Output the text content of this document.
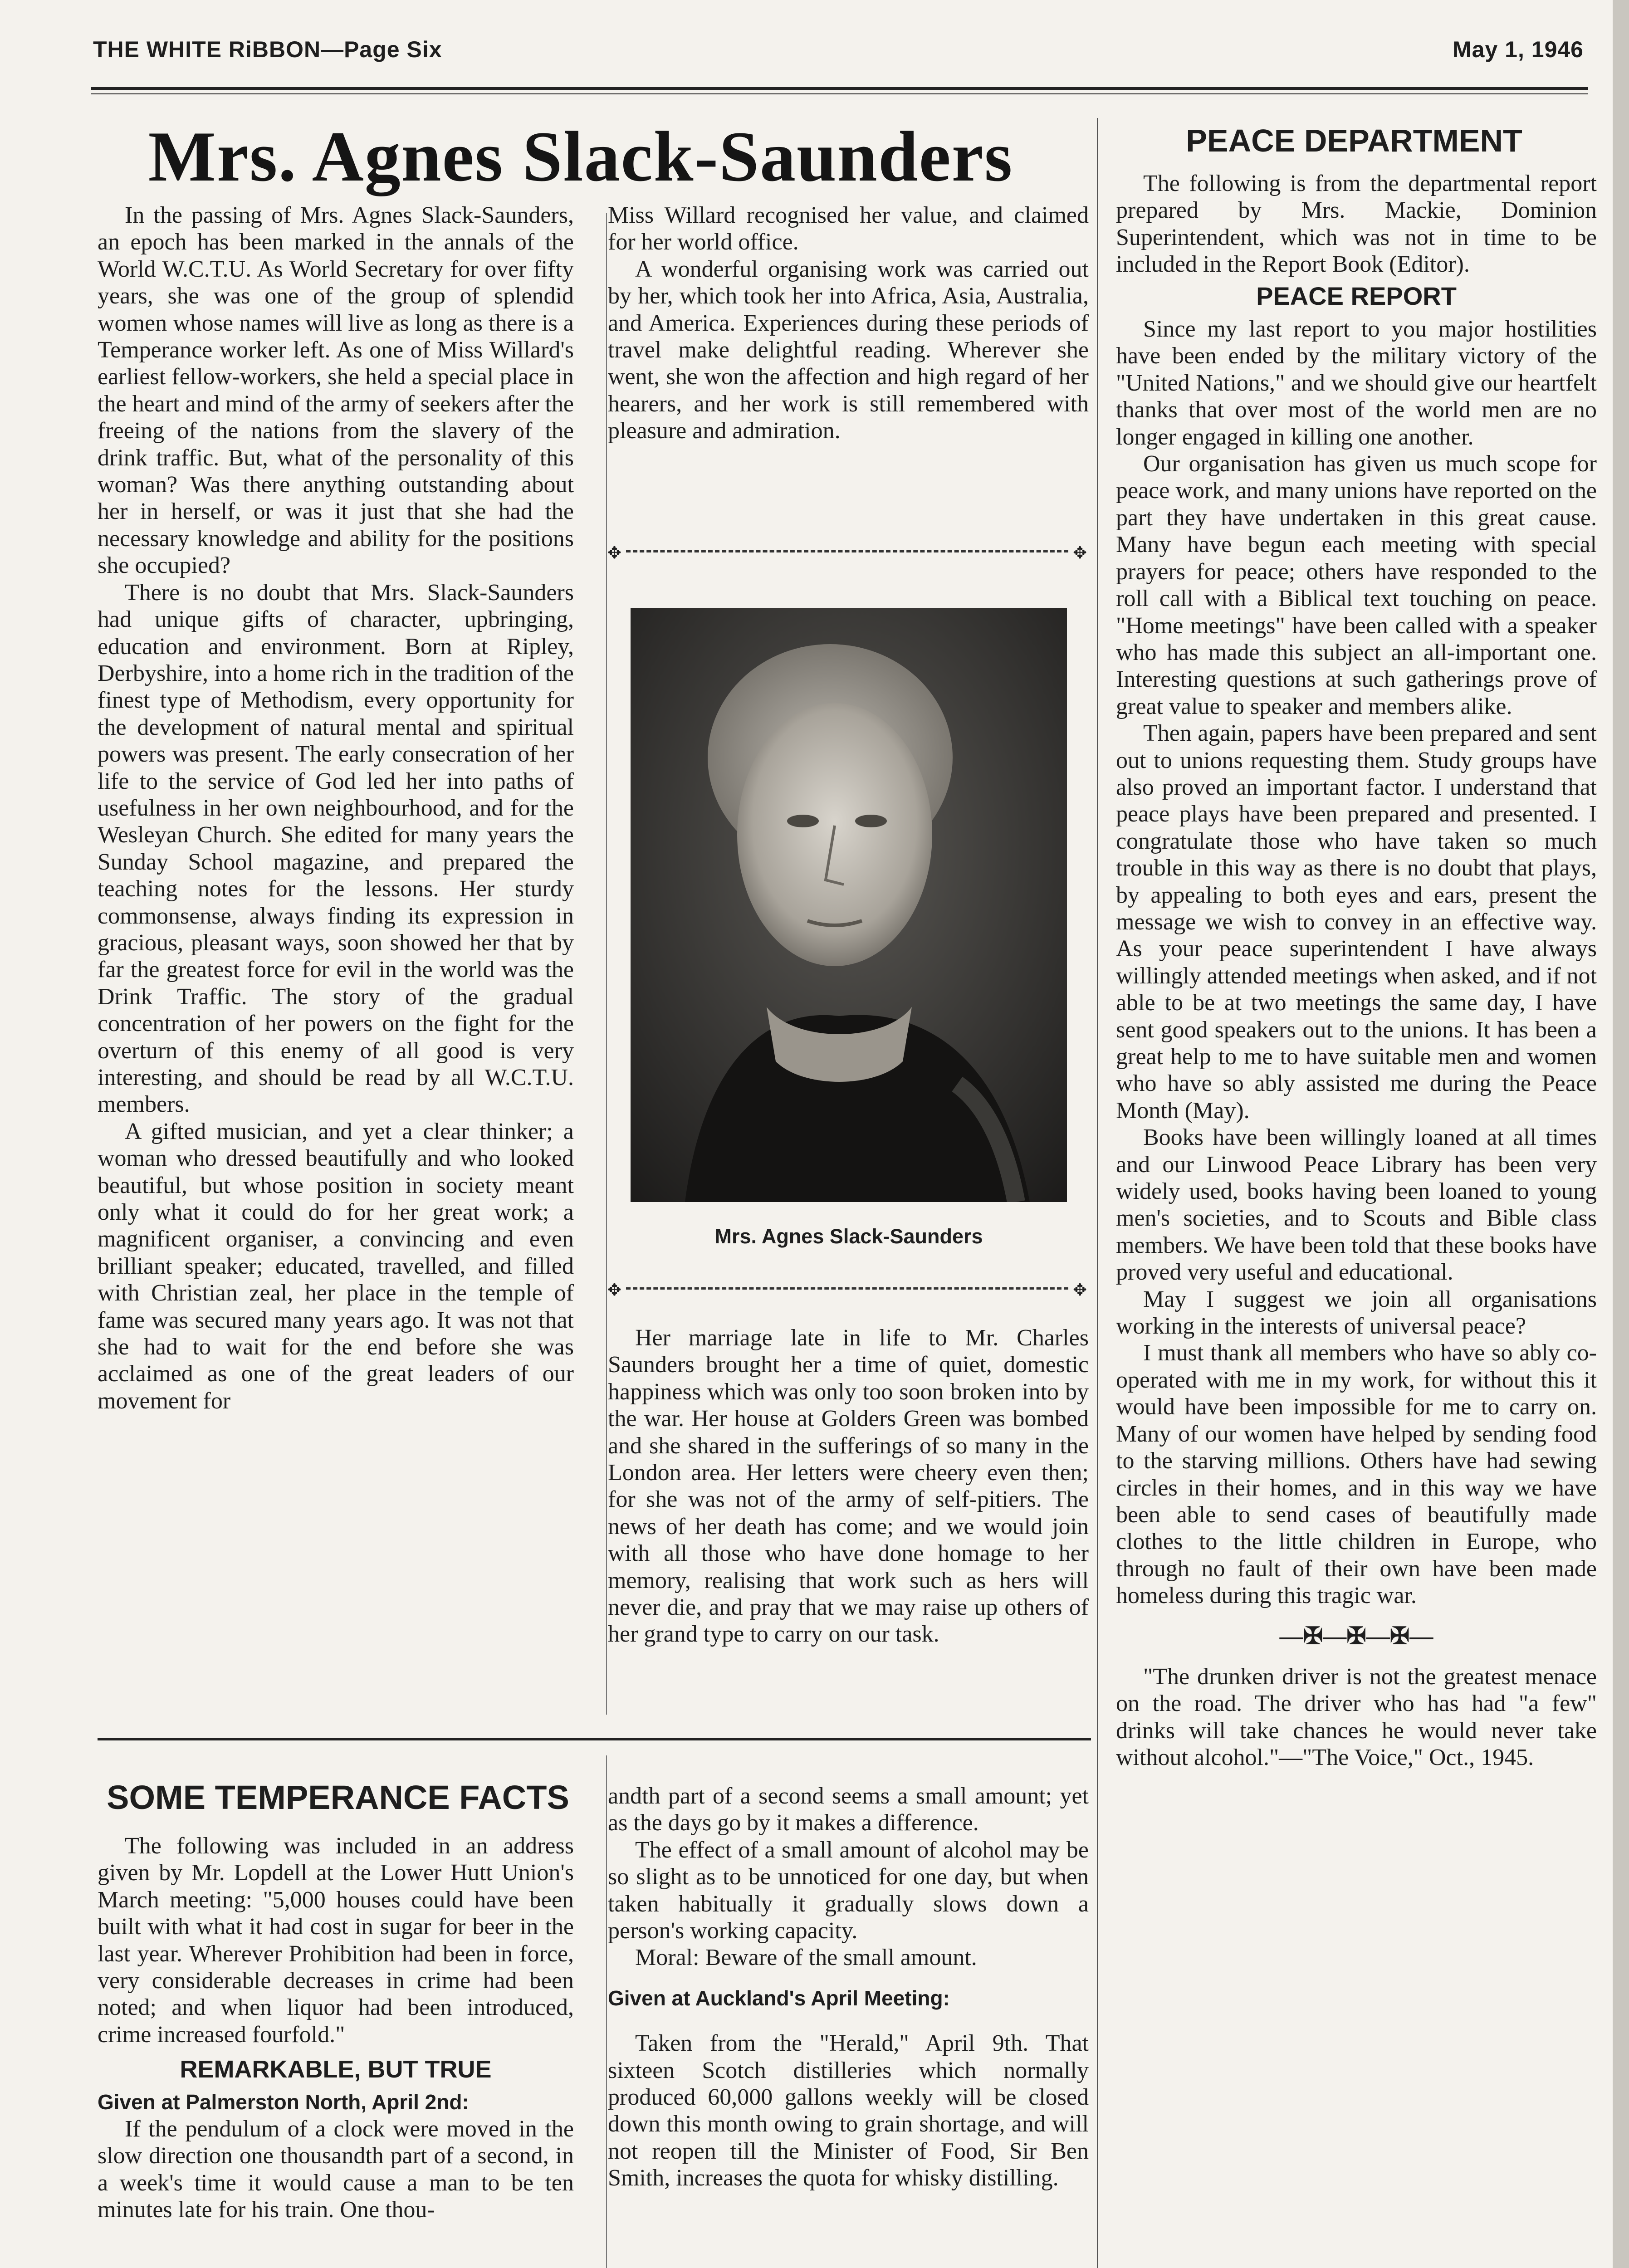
THE WHITE RiBBON—Page Six	May 1, 1946
Mrs. Agnes Slack-Saunders

In the passing of Mrs. Agnes Slack-Saunders, an epoch has been marked in the annals of the World W.C.T.U. As World Secretary for over fifty years, she was one of the group of splendid women whose names will live as long as there is a Temperance worker left. As one of Miss Willard's earliest fellow-workers, she held a special place in the heart and mind of the army of seekers after the freeing of the nations from the slavery of the drink traffic. But, what of the personality of this woman? Was there anything outstanding about her in herself, or was it just that she had the necessary knowledge and ability for the positions she occupied?

There is no doubt that Mrs. Slack-Saunders had unique gifts of character, upbringing, education and environment. Born at Ripley, Derbyshire, into a home rich in the tradition of the finest type of Methodism, every opportunity for the development of natural mental and spiritual powers was present. The early consecration of her life to the service of God led her into paths of usefulness in her own neighbourhood, and for the Wesleyan Church. She edited for many years the Sunday School magazine, and prepared the teaching notes for the lessons. Her sturdy commonsense, always finding its expression in gracious, pleasant ways, soon showed her that by far the greatest force for evil in the world was the Drink Traffic. The story of the gradual concentration of her powers on the fight for the overturn of this enemy of all good is very interesting, and should be read by all W.C.T.U. members.

A gifted musician, and yet a clear thinker; a woman who dressed beautifully and who looked beautiful, but whose position in society meant only what it could do for her great work; a magnificent organiser, a convincing and even brilliant speaker; educated, travelled, and filled with Christian zeal, her place in the temple of fame was secured many years ago. It was not that she had to wait for the end before she was acclaimed as one of the great leaders of our movement for

Miss Willard recognised her value, and claimed for her world office.

A wonderful organising work was carried out by her, which took her into Africa, Asia, Australia, and America. Experiences during these periods of travel make delightful reading. Wherever she went, she won the affection and high regard of her hearers, and her work is still remembered with pleasure and admiration.

✥	✥
Mrs. Agnes Slack-Saunders
✥	✥

Her marriage late in life to Mr. Charles Saunders brought her a time of quiet, domestic happiness which was only too soon broken into by the war. Her house at Golders Green was bombed and she shared in the sufferings of so many in the London area. Her letters were cheery even then; for she was not of the army of self-pitiers. The news of her death has come; and we would join with all those who have done homage to her memory, realising that work such as hers will never die, and pray that we may raise up others of her grand type to carry on our task.

SOME TEMPERANCE FACTS

The following was included in an address given by Mr. Lopdell at the Lower Hutt Union's March meeting: "5,000 houses could have been built with what it had cost in sugar for beer in the last year. Wherever Prohibition had been in force, very considerable decreases in crime had been noted; and when liquor had been introduced, crime increased fourfold."

REMARKABLE, BUT TRUE
Given at Palmerston North, April 2nd:

If the pendulum of a clock were moved in the slow direction one thousandth part of a second, in a week's time it would cause a man to be ten minutes late for his train. One thou-

andth part of a second seems a small amount; yet as the days go by it makes a difference.

The effect of a small amount of alcohol may be so slight as to be unnoticed for one day, but when taken habitually it gradually slows down a person's working capacity.

Moral: Beware of the small amount.

Given at Auckland's April Meeting:

Taken from the "Herald," April 9th. That sixteen Scotch distilleries which normally produced 60,000 gallons weekly will be closed down this month owing to grain shortage, and will not reopen till the Minister of Food, Sir Ben Smith, increases the quota for whisky distilling.

PEACE DEPARTMENT

The following is from the departmental report prepared by Mrs. Mackie, Dominion Superintendent, which was not in time to be included in the Report Book (Editor).

PEACE REPORT

Since my last report to you major hostilities have been ended by the military victory of the "United Nations," and we should give our heartfelt thanks that over most of the world men are no longer engaged in killing one another.

Our organisation has given us much scope for peace work, and many unions have reported on the part they have undertaken in this great cause. Many have begun each meeting with special prayers for peace; others have responded to the roll call with a Biblical text touching on peace. "Home meetings" have been called with a speaker who has made this subject an all-important one. Interesting questions at such gatherings prove of great value to speaker and members alike.

Then again, papers have been prepared and sent out to unions requesting them. Study groups have also proved an important factor. I understand that peace plays have been prepared and presented. I congratulate those who have taken so much trouble in this way as there is no doubt that plays, by appealing to both eyes and ears, present the message we wish to convey in an effective way. As your peace superintendent I have always willingly attended meetings when asked, and if not able to be at two meetings the same day, I have sent good speakers out to the unions. It has been a great help to me to have suitable men and women who have so ably assisted me during the Peace Month (May).

Books have been willingly loaned at all times and our Linwood Peace Library has been very widely used, books having been loaned to young men's societies, and to Scouts and Bible class members. We have been told that these books have proved very useful and educational.

May I suggest we join all organisations working in the interests of universal peace?

I must thank all members who have so ably co-operated with me in my work, for without this it would have been impossible for me to carry on. Many of our women have helped by sending food to the starving millions. Others have had sewing circles in their homes, and in this way we have been able to send cases of beautifully made clothes to the little children in Europe, who through no fault of their own have been made homeless during this tragic war.

—✠—✠—✠—

"The drunken driver is not the greatest menace on the road. The driver who has had "a few" drinks will take chances he would never take without alcohol."—"The Voice," Oct., 1945.
